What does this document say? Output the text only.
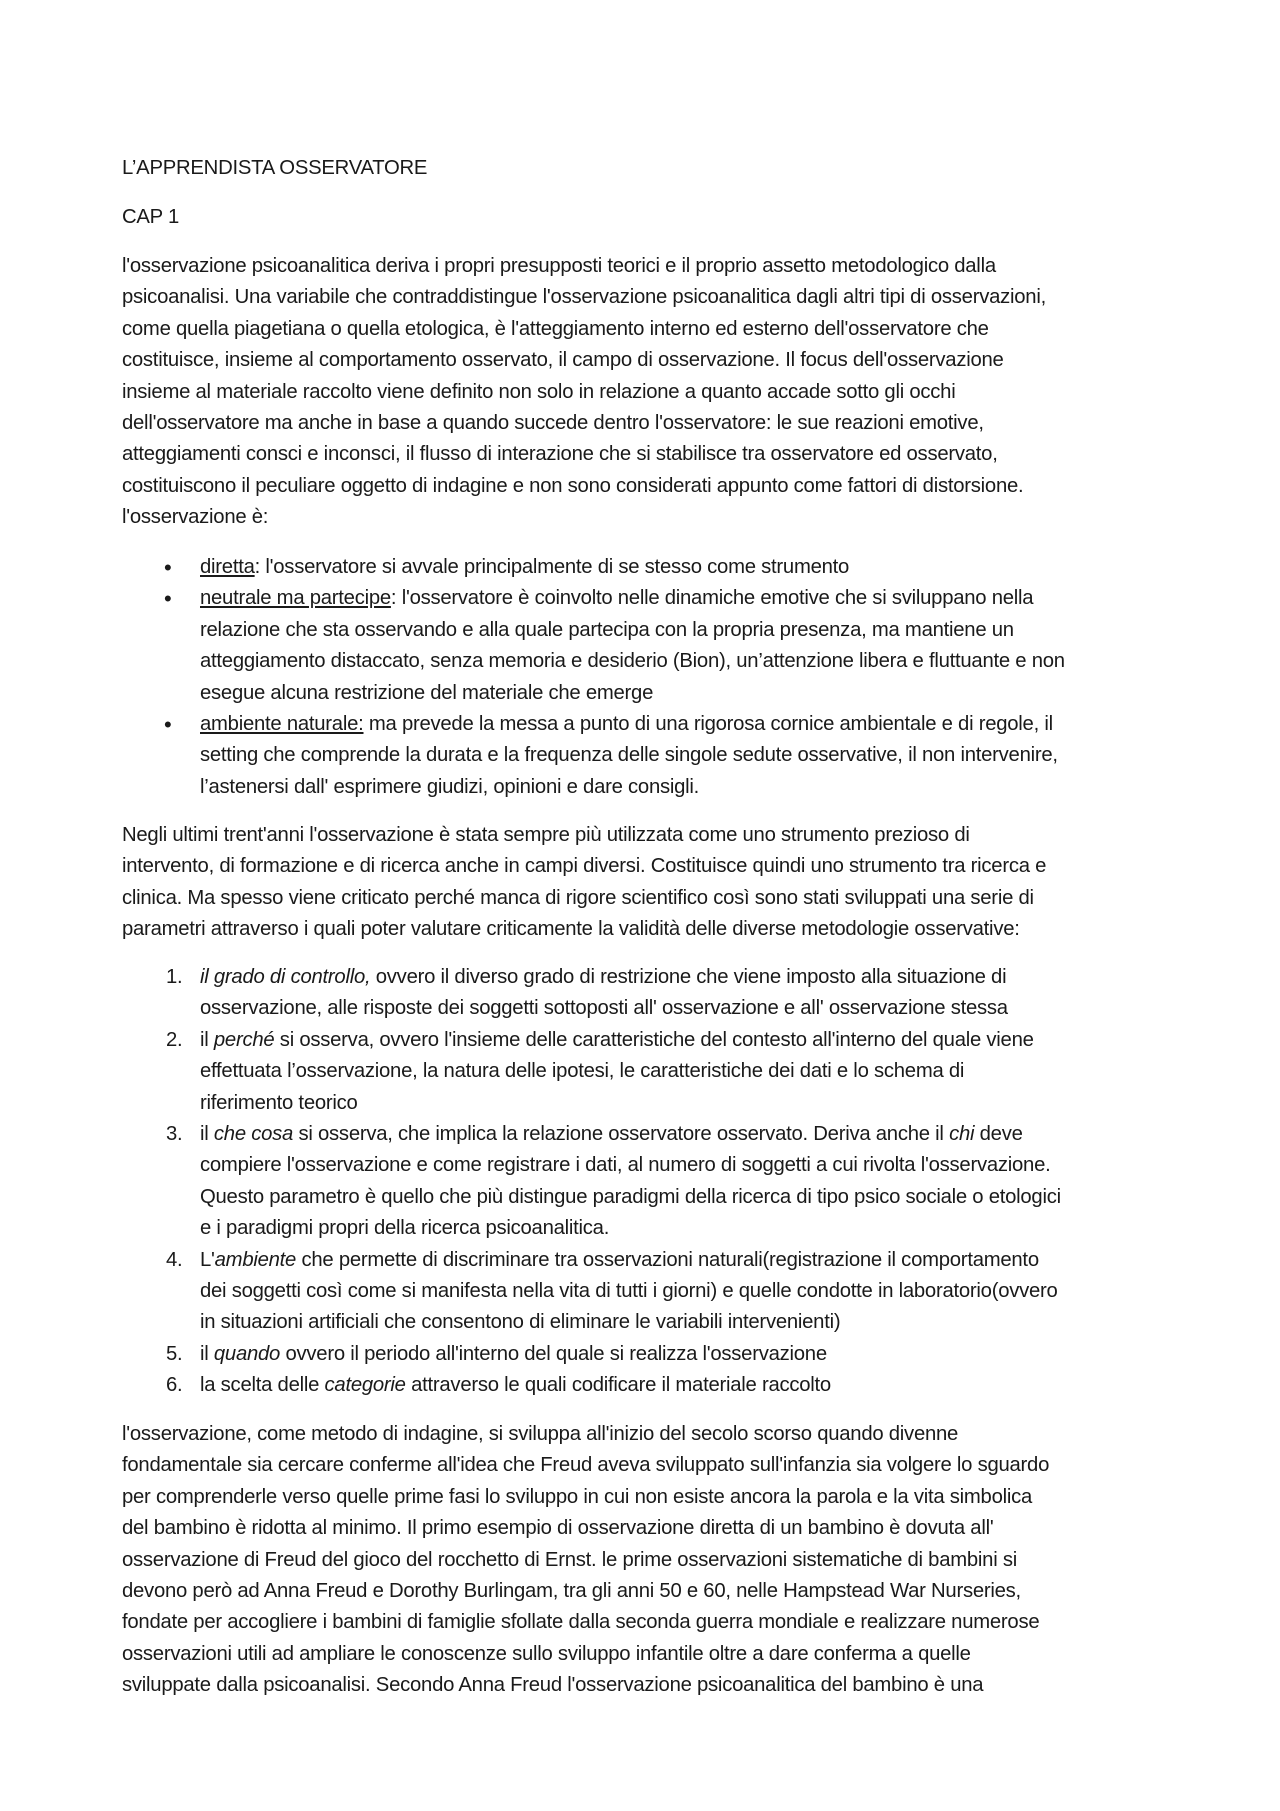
L’APPRENDISTA OSSERVATORE
CAP 1
l'osservazione psicoanalitica deriva i propri presupposti teorici e il proprio assetto metodologico dalla
psicoanalisi. Una variabile che contraddistingue l'osservazione psicoanalitica dagli altri tipi di osservazioni,
come quella piagetiana o quella etologica, è l'atteggiamento interno ed esterno dell'osservatore che
costituisce, insieme al comportamento osservato, il campo di osservazione. Il focus dell'osservazione
insieme al materiale raccolto viene definito non solo in relazione a quanto accade sotto gli occhi
dell'osservatore ma anche in base a quando succede dentro l'osservatore: le sue reazioni emotive,
atteggiamenti consci e inconsci, il flusso di interazione che si stabilisce tra osservatore ed osservato,
costituiscono il peculiare oggetto di indagine e non sono considerati appunto come fattori di distorsione.
l'osservazione è:
• diretta: l'osservatore si avvale principalmente di se stesso come strumento
• neutrale ma partecipe: l'osservatore è coinvolto nelle dinamiche emotive che si sviluppano nella
relazione che sta osservando e alla quale partecipa con la propria presenza, ma mantiene un
atteggiamento distaccato, senza memoria e desiderio (Bion), un’attenzione libera e fluttuante e non
esegue alcuna restrizione del materiale che emerge
• ambiente naturale: ma prevede la messa a punto di una rigorosa cornice ambientale e di regole, il
setting che comprende la durata e la frequenza delle singole sedute osservative, il non intervenire,
l’astenersi dall' esprimere giudizi, opinioni e dare consigli.
Negli ultimi trent'anni l'osservazione è stata sempre più utilizzata come uno strumento prezioso di
intervento, di formazione e di ricerca anche in campi diversi. Costituisce quindi uno strumento tra ricerca e
clinica. Ma spesso viene criticato perché manca di rigore scientifico così sono stati sviluppati una serie di
parametri attraverso i quali poter valutare criticamente la validità delle diverse metodologie osservative:
1. il grado di controllo, ovvero il diverso grado di restrizione che viene imposto alla situazione di
osservazione, alle risposte dei soggetti sottoposti all' osservazione e all' osservazione stessa
2. il perché si osserva, ovvero l'insieme delle caratteristiche del contesto all'interno del quale viene
effettuata l’osservazione, la natura delle ipotesi, le caratteristiche dei dati e lo schema di
riferimento teorico
3. il che cosa si osserva, che implica la relazione osservatore osservato. Deriva anche il chi deve
compiere l'osservazione e come registrare i dati, al numero di soggetti a cui rivolta l'osservazione.
Questo parametro è quello che più distingue paradigmi della ricerca di tipo psico sociale o etologici
e i paradigmi propri della ricerca psicoanalitica.
4. L'ambiente che permette di discriminare tra osservazioni naturali(registrazione il comportamento
dei soggetti così come si manifesta nella vita di tutti i giorni) e quelle condotte in laboratorio(ovvero
in situazioni artificiali che consentono di eliminare le variabili intervenienti)
5. il quando ovvero il periodo all'interno del quale si realizza l'osservazione
6. la scelta delle categorie attraverso le quali codificare il materiale raccolto
l'osservazione, come metodo di indagine, si sviluppa all'inizio del secolo scorso quando divenne
fondamentale sia cercare conferme all'idea che Freud aveva sviluppato sull'infanzia sia volgere lo sguardo
per comprenderle verso quelle prime fasi lo sviluppo in cui non esiste ancora la parola e la vita simbolica
del bambino è ridotta al minimo. Il primo esempio di osservazione diretta di un bambino è dovuta all'
osservazione di Freud del gioco del rocchetto di Ernst. le prime osservazioni sistematiche di bambini si
devono però ad Anna Freud e Dorothy Burlingam, tra gli anni 50 e 60, nelle Hampstead War Nurseries,
fondate per accogliere i bambini di famiglie sfollate dalla seconda guerra mondiale e realizzare numerose
osservazioni utili ad ampliare le conoscenze sullo sviluppo infantile oltre a dare conferma a quelle
sviluppate dalla psicoanalisi. Secondo Anna Freud l'osservazione psicoanalitica del bambino è una
